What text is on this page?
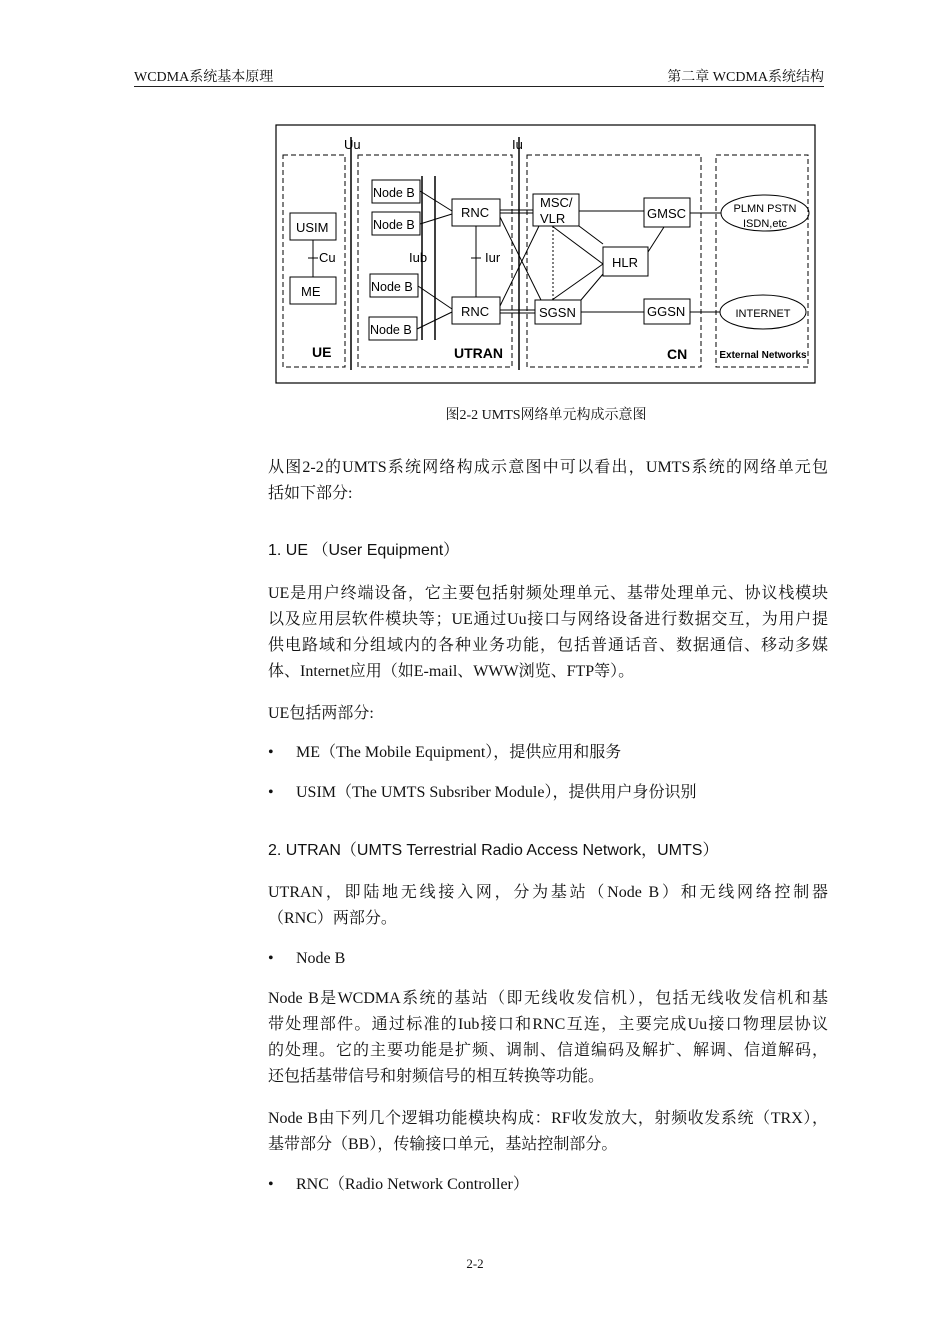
WCDMA系统基本原理	第二章 WCDMA系统结构
Uu	Iu
USIM
Cu
ME
UE
Node B
Node B
Node B
Node B
Iub
RNC
RNC
Iur
UTRAN
MSC/
VLR
HLR
SGSN
GMSC
GGSN
CN
PLMN PSTN
ISDN,etc
INTERNET
External Networks
图2-2 UMTS网络单元构成示意图
从图2-2的UMTS系统网络构成示意图中可以看出，UMTS系统的网络单元包
括如下部分:
1. UE （User Equipment）
UE是用户终端设备，它主要包括射频处理单元、基带处理单元、协议栈模块
以及应用层软件模块等；UE通过Uu接口与网络设备进行数据交互，为用户提
供电路域和分组域内的各种业务功能，包括普通话音、数据通信、移动多媒
体、Internet应用（如E-mail、WWW浏览、FTP等）。
UE包括两部分:
• ME（The Mobile Equipment），提供应用和服务
• USIM（The UMTS Subsriber Module），提供用户身份识别
2. UTRAN（UMTS Terrestrial Radio Access Network，UMTS）
UTRAN，即陆地无线接入网，分为基站（Node B）和无线网络控制器
（RNC）两部分。
• Node B
Node B是WCDMA系统的基站（即无线收发信机），包括无线收发信机和基
带处理部件。通过标准的Iub接口和RNC互连，主要完成Uu接口物理层协议
的处理。它的主要功能是扩频、调制、信道编码及解扩、解调、信道解码，
还包括基带信号和射频信号的相互转换等功能。
Node B由下列几个逻辑功能模块构成：RF收发放大，射频收发系统（TRX），
基带部分（BB），传输接口单元，基站控制部分。
• RNC（Radio Network Controller）
2-2
